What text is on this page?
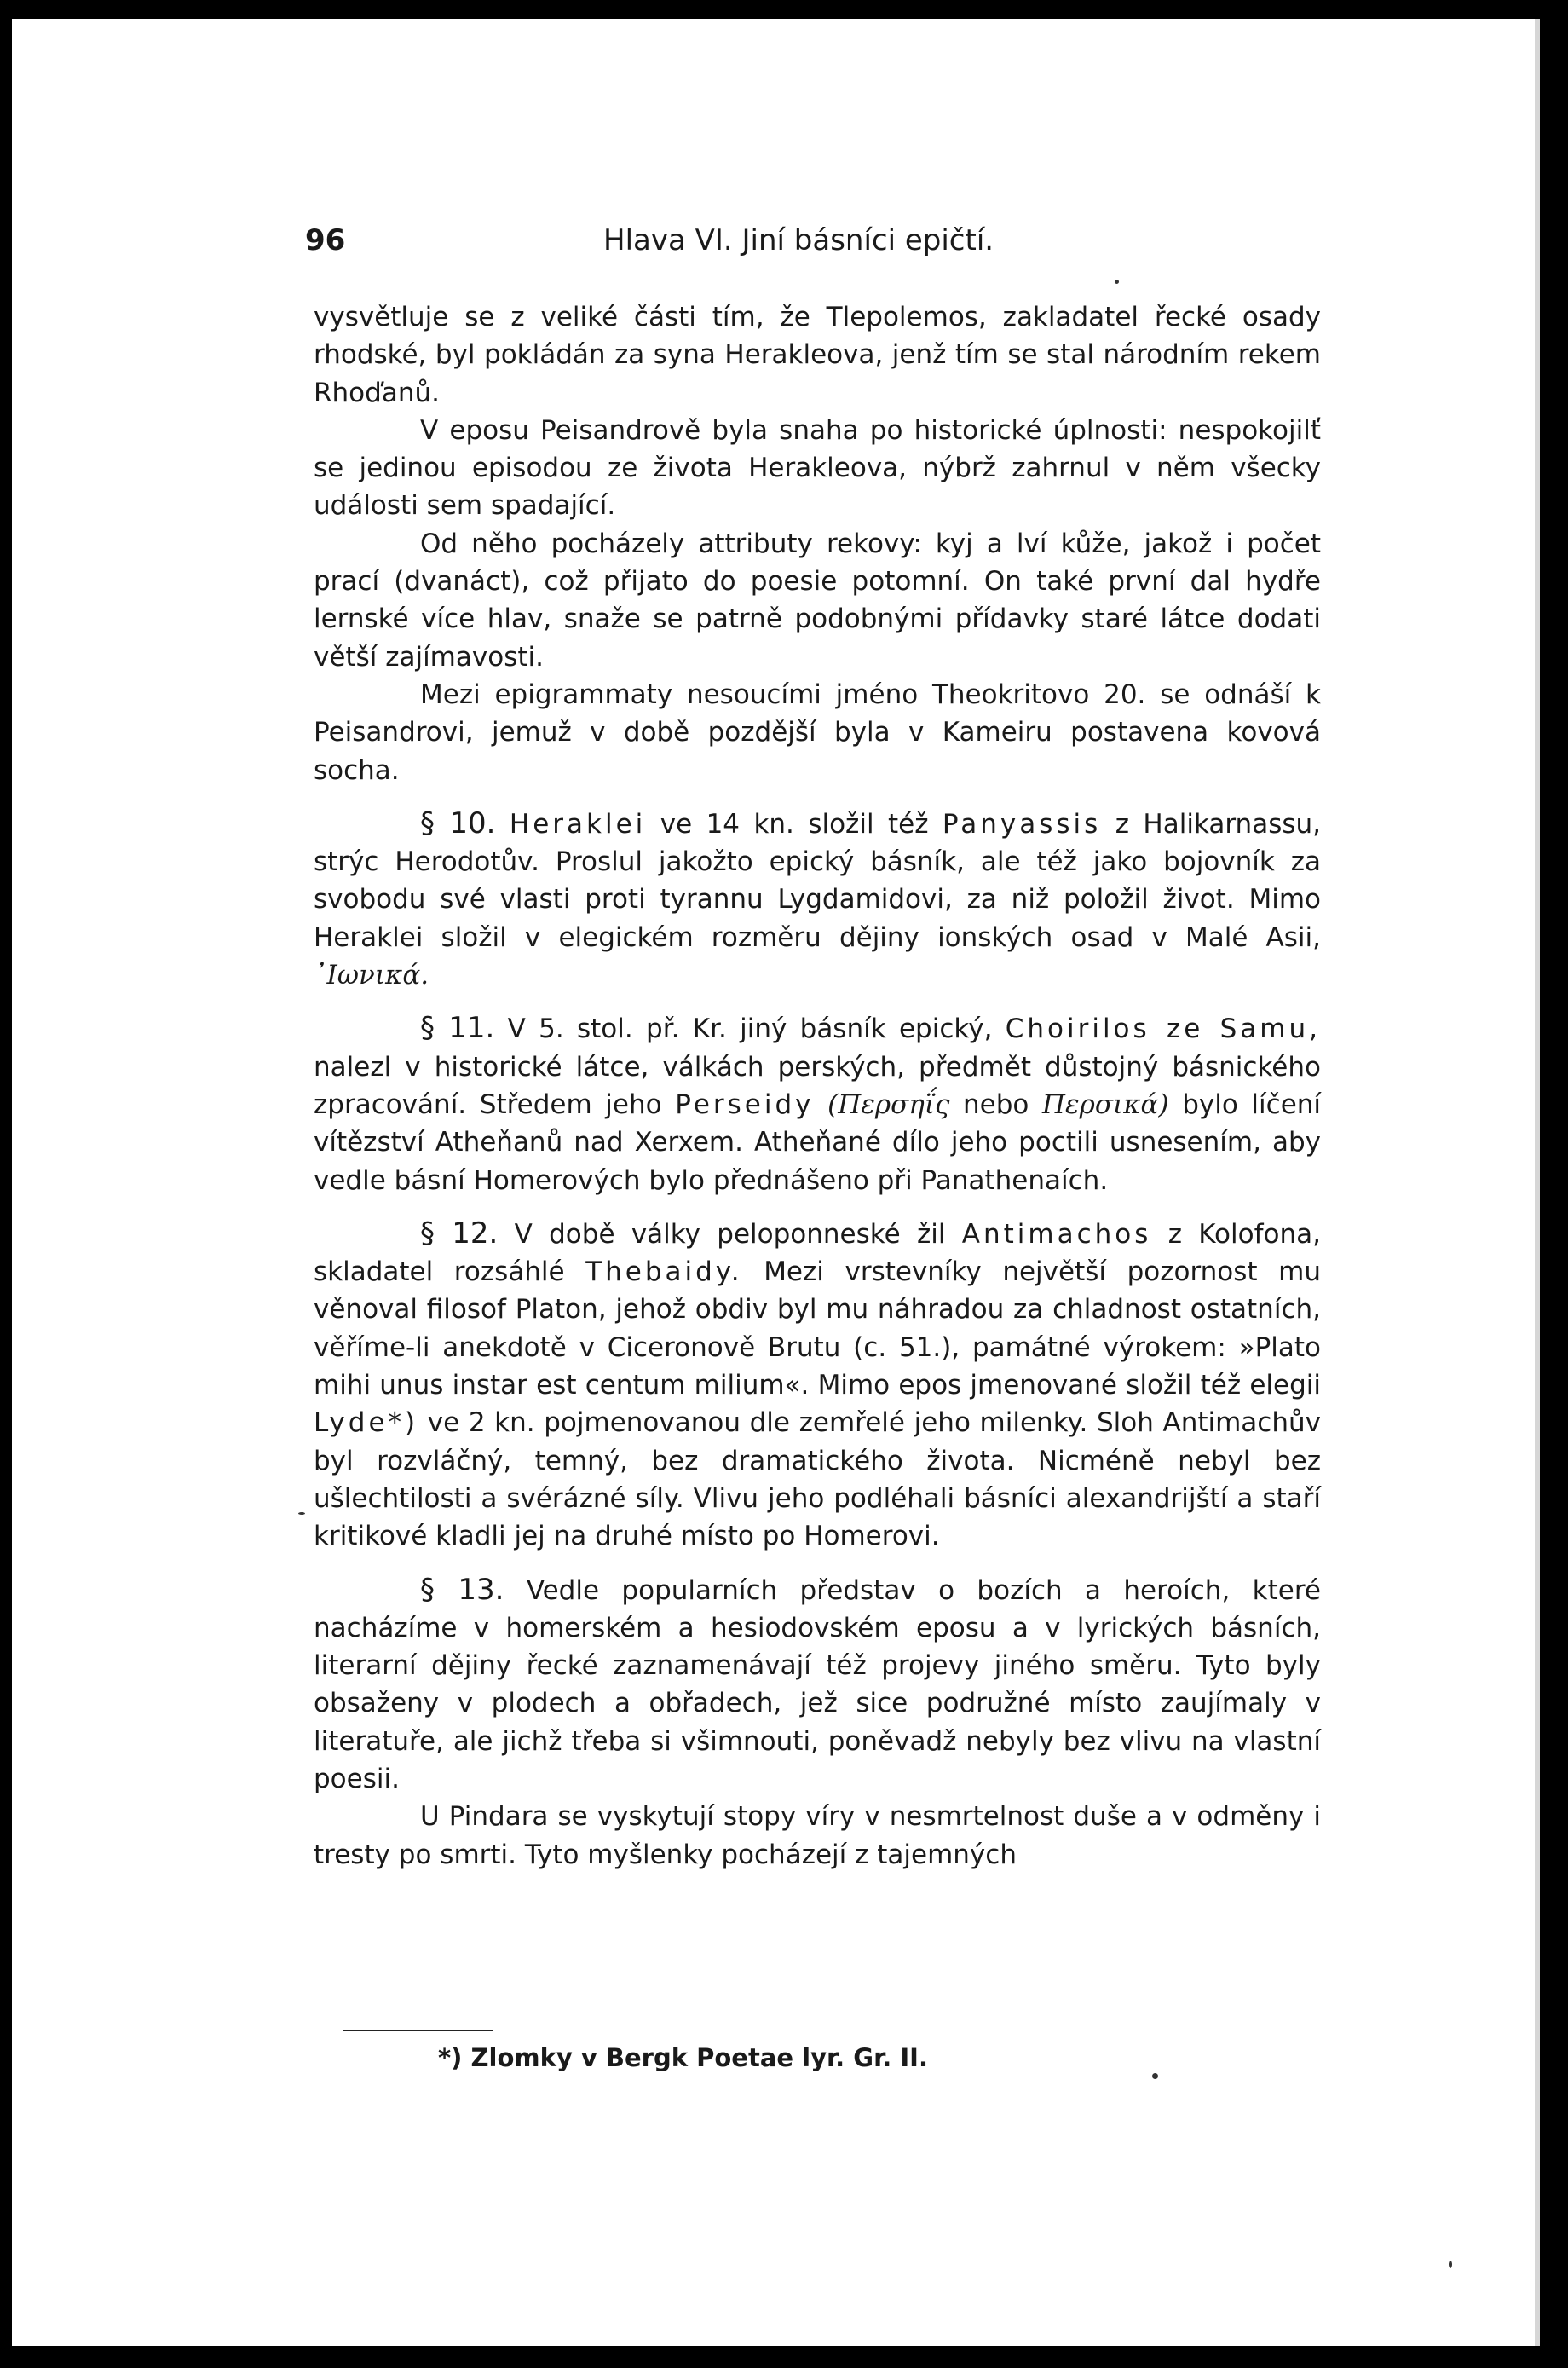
96	Hlava VI. Jiní básníci epičtí.

vysvětluje se z veliké části tím, že Tlepolemos, zakladatel řecké osady rhodské, byl pokládán za syna Herakleova, jenž tím se stal národním rekem Rhoďanů.

V eposu Peisandrově byla snaha po historické úplnosti: nespokojilť se jedinou episodou ze života Herakleova, nýbrž zahrnul v něm všecky události sem spadající.

Od něho pocházely attributy rekovy: kyj a lví kůže, jakož i počet prací (dvanáct), což přijato do poesie potomní. On také první dal hydře lernské více hlav, snaže se patrně podobnými přídavky staré látce dodati větší zajímavosti.

Mezi epigrammaty nesoucími jméno Theokritovo 20. se odnáší k Peisandrovi, jemuž v době pozdější byla v Kameiru postavena kovová socha.

§ 10. Heraklei ve 14 kn. složil též Panyassis z Halikarnassu, strýc Herodotův. Proslul jakožto epický básník, ale též jako bojovník za svobodu své vlasti proti tyrannu Lygdamidovi, za niž položil život. Mimo Heraklei složil v elegickém rozměru dějiny ionských osad v Malé Asii, ᾿Ιωνικά.

§ 11. V 5. stol. př. Kr. jiný básník epický, Choirilos ze Samu, nalezl v historické látce, válkách perských, předmět důstojný básnického zpracování. Středem jeho Perseidy (Περσηΐς nebo Περσικά) bylo líčení vítězství Atheňanů nad Xerxem. Atheňané dílo jeho poctili usnesením, aby vedle básní Homerových bylo přednášeno při Panathenaích.

§ 12. V době války peloponneské žil Antimachos z Kolofona, skladatel rozsáhlé Thebaidy. Mezi vrstevníky největší pozornost mu věnoval filosof Platon, jehož obdiv byl mu náhradou za chladnost ostatních, věříme-li anekdotě v Ciceronově Brutu (c. 51.), památné výrokem: »Plato mihi unus instar est centum milium«. Mimo epos jmenované složil též elegii Lyde*) ve 2 kn. pojmenovanou dle zemřelé jeho milenky. Sloh Antimachův byl rozvláčný, temný, bez dramatického života. Nicméně nebyl bez ušlechtilosti a svérázné síly. Vlivu jeho podléhali básníci alexandrijští a staří kritikové kladli jej na druhé místo po Homerovi.

§ 13. Vedle popularních představ o bozích a heroích, které nacházíme v homerském a hesiodovském eposu a v lyrických básních, literarní dějiny řecké zaznamenávají též projevy jiného směru. Tyto byly obsaženy v plodech a obřadech, jež sice podružné místo zaujímaly v literatuře, ale jichž třeba si všimnouti, poněvadž nebyly bez vlivu na vlastní poesii.

U Pindara se vyskytují stopy víry v nesmrtelnost duše a v odměny i tresty po smrti. Tyto myšlenky pocházejí z tajemných

*) Zlomky v Bergk Poetae lyr. Gr. II.
